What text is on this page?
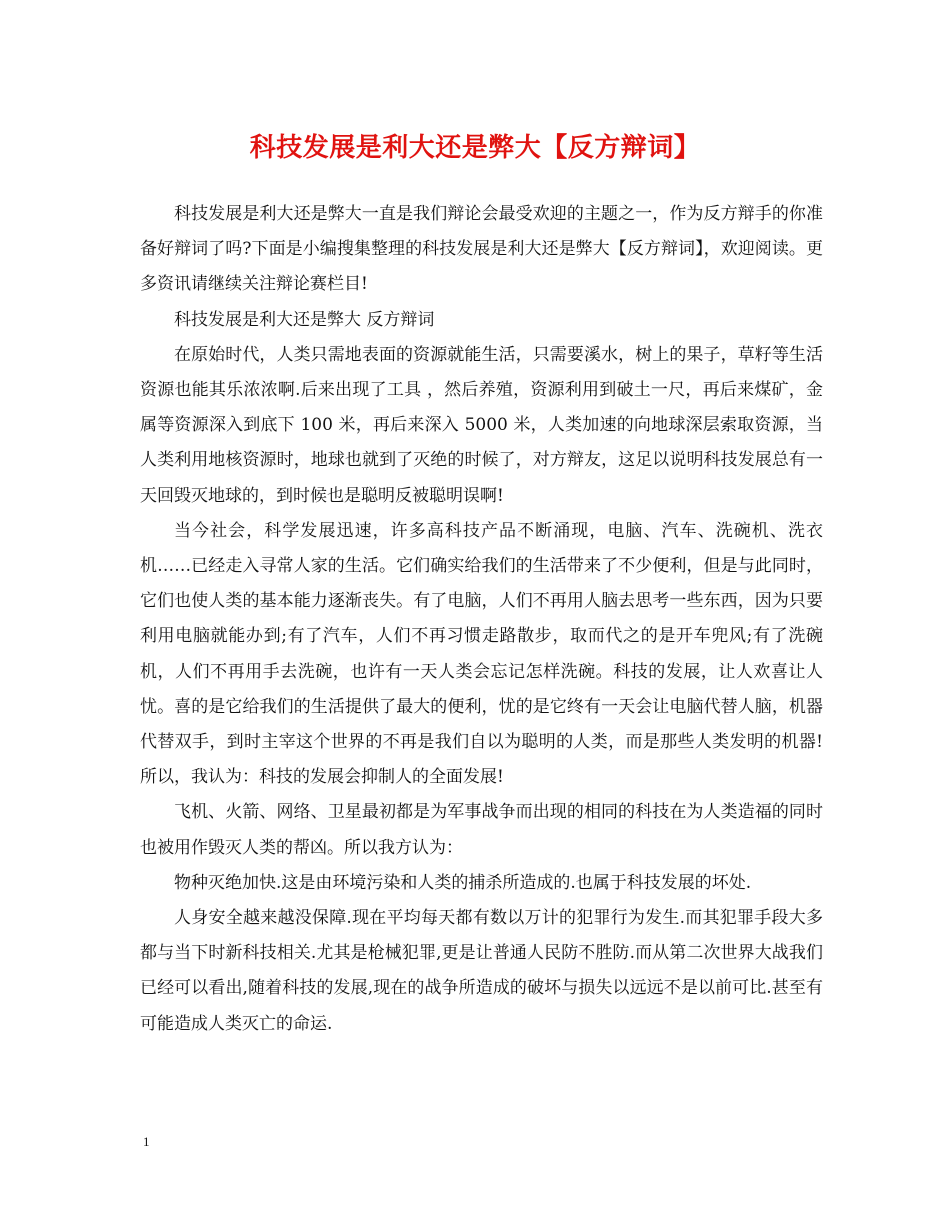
科技发展是利大还是弊大【反方辩词】

科技发展是利大还是弊大一直是我们辩论会最受欢迎的主题之一，作为反方辩手的你准备好辩词了吗?下面是小编搜集整理的科技发展是利大还是弊大【反方辩词】，欢迎阅读。更多资讯请继续关注辩论赛栏目!

科技发展是利大还是弊大 反方辩词

在原始时代，人类只需地表面的资源就能生活，只需要溪水，树上的果子，草籽等生活资源也能其乐浓浓啊.后来出现了工具 ，然后养殖，资源利用到破土一尺，再后来煤矿，金属等资源深入到底下 100 米，再后来深入 5000 米，人类加速的向地球深层索取资源，当人类利用地核资源时，地球也就到了灭绝的时候了，对方辩友，这足以说明科技发展总有一天回毁灭地球的，到时候也是聪明反被聪明误啊!

当今社会，科学发展迅速，许多高科技产品不断涌现，电脑、汽车、洗碗机、洗衣机……已经走入寻常人家的生活。它们确实给我们的生活带来了不少便利，但是与此同时，它们也使人类的基本能力逐渐丧失。有了电脑，人们不再用人脑去思考一些东西，因为只要利用电脑就能办到;有了汽车，人们不再习惯走路散步，取而代之的是开车兜风;有了洗碗机，人们不再用手去洗碗，也许有一天人类会忘记怎样洗碗。科技的发展，让人欢喜让人忧。喜的是它给我们的生活提供了最大的便利，忧的是它终有一天会让电脑代替人脑，机器代替双手，到时主宰这个世界的不再是我们自以为聪明的人类，而是那些人类发明的机器!所以，我认为：科技的发展会抑制人的全面发展!

飞机、火箭、网络、卫星最初都是为军事战争而出现的相同的科技在为人类造福的同时也被用作毁灭人类的帮凶。所以我方认为：

物种灭绝加快.这是由环境污染和人类的捕杀所造成的.也属于科技发展的坏处.

人身安全越来越没保障.现在平均每天都有数以万计的犯罪行为发生.而其犯罪手段大多都与当下时新科技相关.尤其是枪械犯罪,更是让普通人民防不胜防.而从第二次世界大战我们已经可以看出,随着科技的发展,现在的战争所造成的破坏与损失以远远不是以前可比.甚至有可能造成人类灭亡的命运.

1
